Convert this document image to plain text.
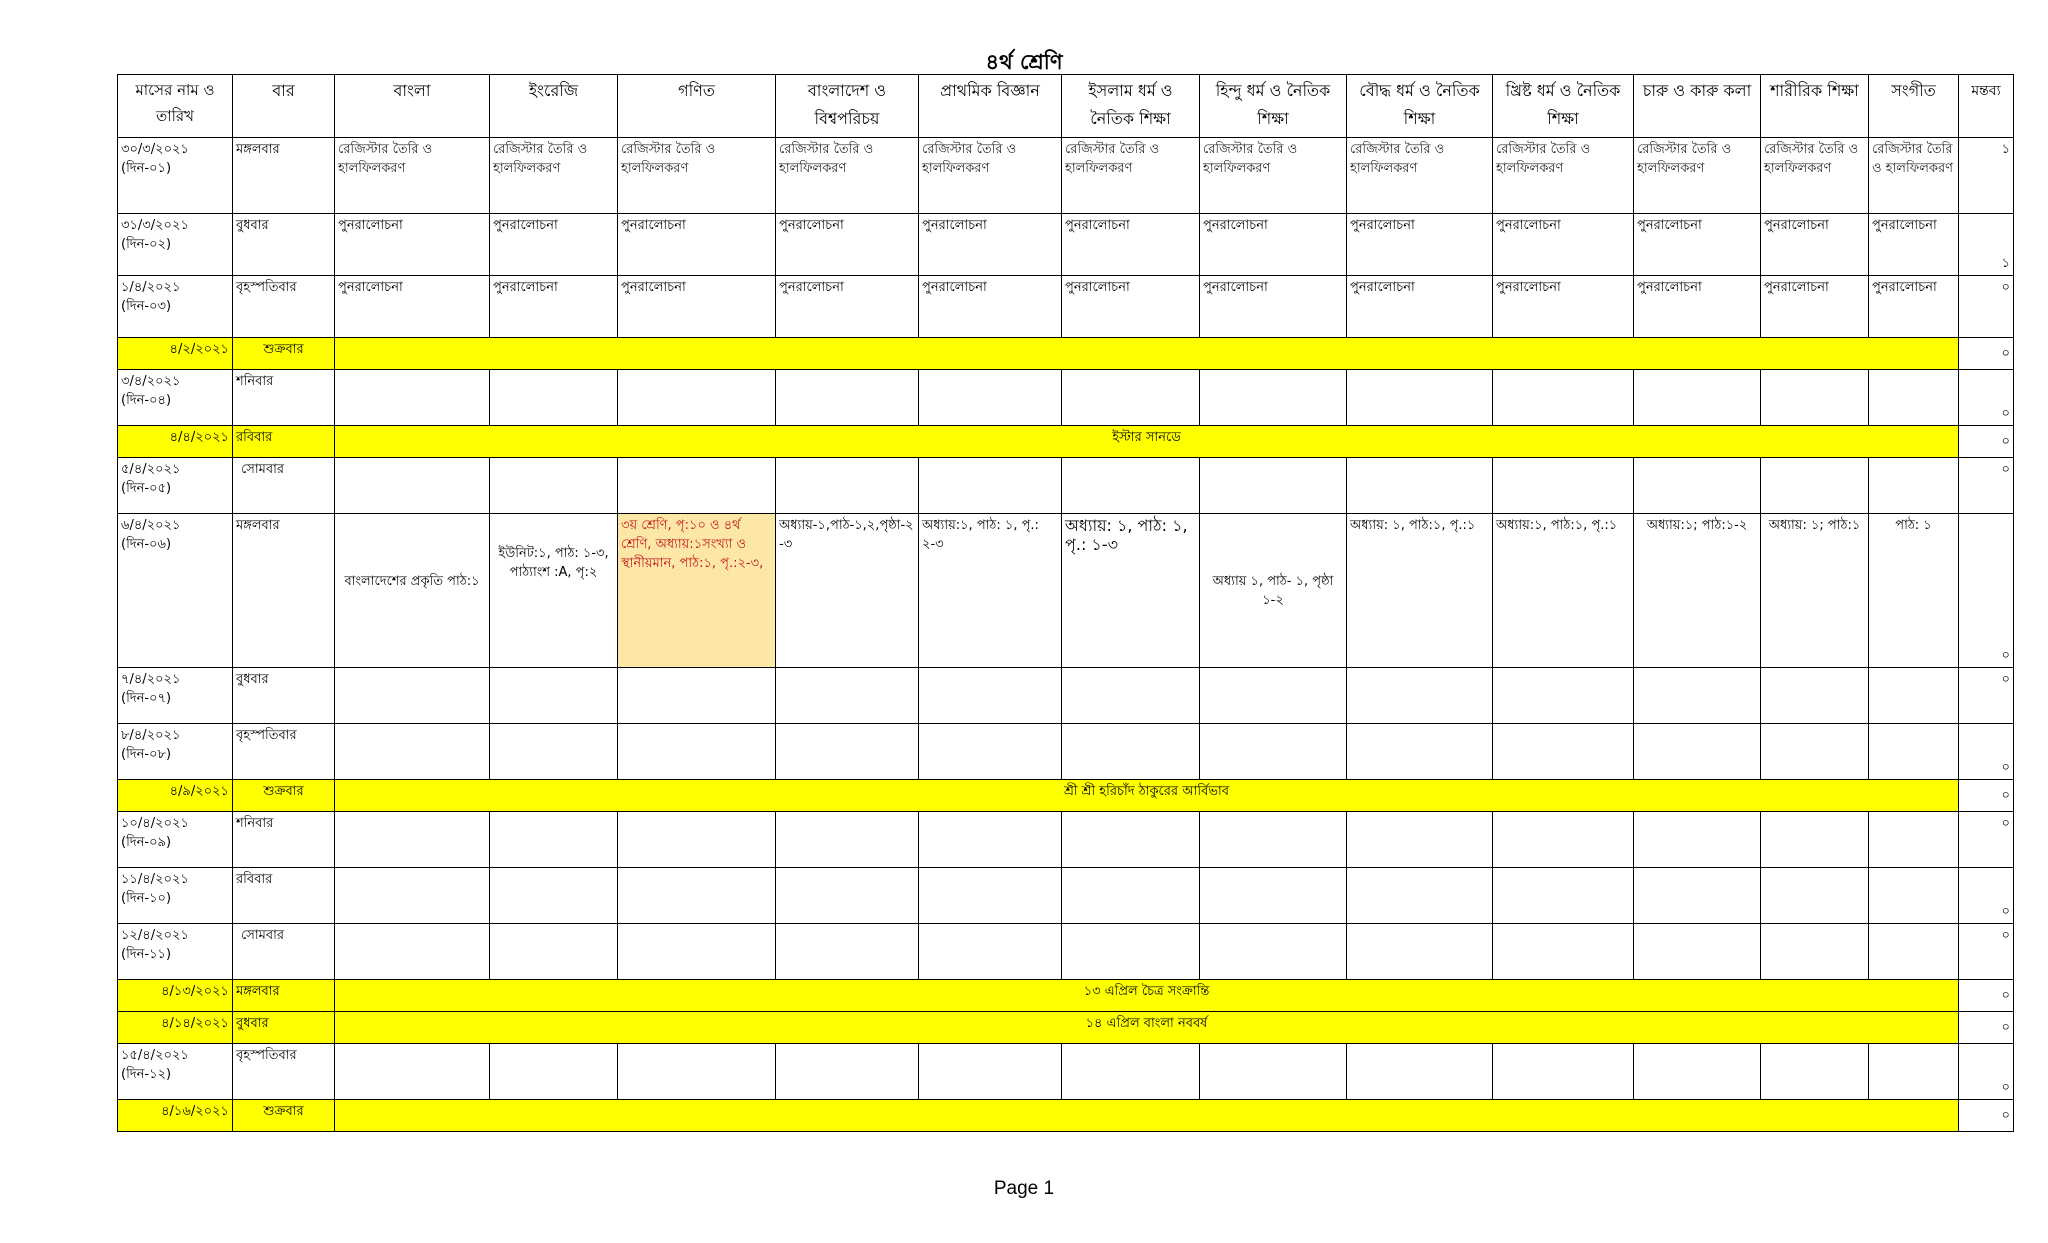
৪র্থ শ্রেণি
মাসের নাম ও তারিখ	বার	বাংলা	ইংরেজি	গণিত	বাংলাদেশ ও বিশ্বপরিচয়	প্রাথমিক বিজ্ঞান	ইসলাম ধর্ম ও নৈতিক শিক্ষা	হিন্দু ধর্ম ও নৈতিক শিক্ষা	বৌদ্ধ ধর্ম ও নৈতিক শিক্ষা	খ্রিষ্ট ধর্ম ও নৈতিক শিক্ষা	চারু ও কারু কলা	শারীরিক শিক্ষা	সংগীত	মন্তব্য
৩০/৩/২০২১
(দিন-০১)	মঙ্গলবার	রেজিস্টার তৈরি ও হালফিলকরণ	রেজিস্টার তৈরি ও হালফিলকরণ	রেজিস্টার তৈরি ও হালফিলকরণ	রেজিস্টার তৈরি ও হালফিলকরণ	রেজিস্টার তৈরি ও হালফিলকরণ	রেজিস্টার তৈরি ও হালফিলকরণ	রেজিস্টার তৈরি ও হালফিলকরণ	রেজিস্টার তৈরি ও হালফিলকরণ	রেজিস্টার তৈরি ও হালফিলকরণ	রেজিস্টার তৈরি ও হালফিলকরণ	রেজিস্টার তৈরি ও হালফিলকরণ	রেজিস্টার তৈরি ও হালফিলকরণ	১
৩১/৩/২০২১
(দিন-০২)	বুধবার	পুনরালোচনা	পুনরালোচনা	পুনরালোচনা	পুনরালোচনা	পুনরালোচনা	পুনরালোচনা	পুনরালোচনা	পুনরালোচনা	পুনরালোচনা	পুনরালোচনা	পুনরালোচনা	পুনরালোচনা	১
১/৪/২০২১
(দিন-০৩)	বৃহস্পতিবার	পুনরালোচনা	পুনরালোচনা	পুনরালোচনা	পুনরালোচনা	পুনরালোচনা	পুনরালোচনা	পুনরালোচনা	পুনরালোচনা	পুনরালোচনা	পুনরালোচনা	পুনরালোচনা	পুনরালোচনা	০
৪/২/২০২১	শুক্রবার													০
৩/৪/২০২১
(দিন-০৪)	শনিবার													০
৪/৪/২০২১	রবিবার	ইস্টার সানডে												০
৫/৪/২০২১
(দিন-০৫)	সোমবার													০
৬/৪/২০২১
(দিন-০৬)	মঙ্গলবার	বাংলাদেশের প্রকৃতি পাঠ:১	ইউনিট:১, পাঠ: ১-৩, পাঠ্যাংশ :A, পৃ:২	৩য় শ্রেণি, পৃ:১০ ও ৪র্থ শ্রেণি, অধ্যায়:১সংখ্যা ও স্থানীয়মান, পাঠ:১, পৃ.:২-৩,	অধ্যায়-১,পাঠ-১,২,পৃষ্ঠা-২-৩	অধ্যায়:১, পাঠ: ১, পৃ.: ২-৩	অধ্যায়: ১, পাঠ: ১, পৃ.: ১-৩	অধ্যায় ১, পাঠ- ১, পৃষ্ঠা ১-২	অধ্যায়: ১, পাঠ:১, পৃ.:১	অধ্যায়:১, পাঠ:১, পৃ.:১	অধ্যায়:১; পাঠ:১-২	অধ্যায়: ১; পাঠ:১	পাঠ: ১	০
৭/৪/২০২১
(দিন-০৭)	বুধবার													০
৮/৪/২০২১
(দিন-০৮)	বৃহস্পতিবার													০
৪/৯/২০২১	শুক্রবার	শ্রী শ্রী হরিচাঁদ ঠাকুরের আর্বিভাব												০
১০/৪/২০২১
(দিন-০৯)	শনিবার													০
১১/৪/২০২১
(দিন-১০)	রবিবার													০
১২/৪/২০২১
(দিন-১১)	সোমবার													০
৪/১৩/২০২১	মঙ্গলবার	১৩ এপ্রিল চৈত্র সংক্রান্তি												০
৪/১৪/২০২১	বুধবার	১৪ এপ্রিল বাংলা নববর্ষ												০
১৫/৪/২০২১
(দিন-১২)	বৃহস্পতিবার													০
৪/১৬/২০২১	শুক্রবার													০
Page 1
